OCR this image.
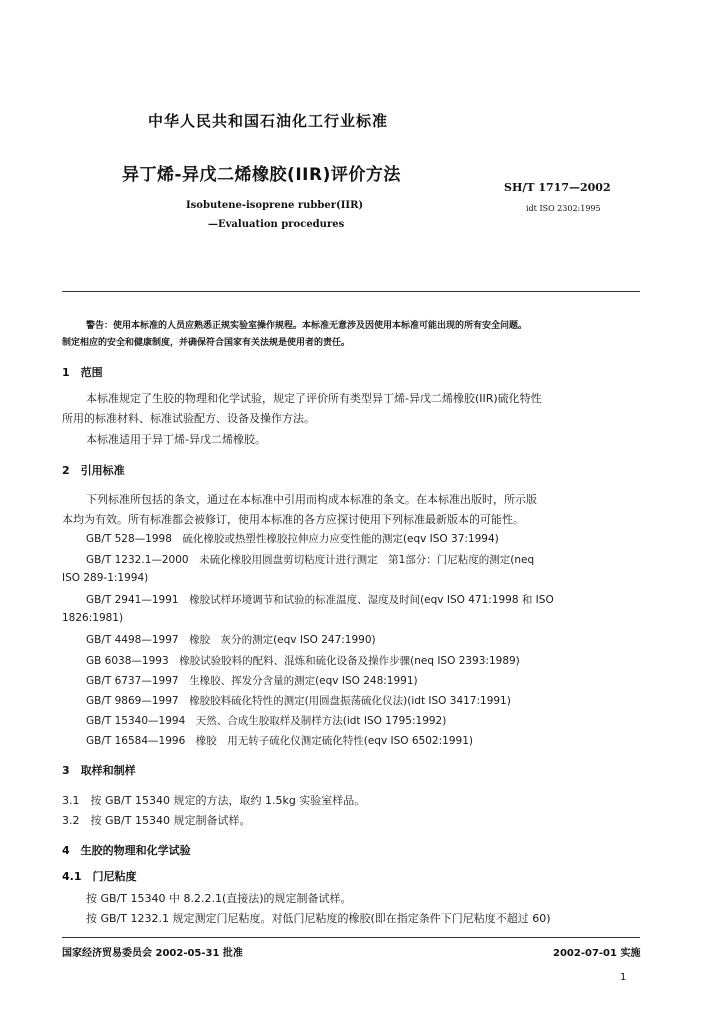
中华人民共和国石油化工行业标准
异丁烯-异戊二烯橡胶(IIR)评价方法
SH/T 1717—2002
idt ISO 2302:1995
Isobutene-isoprene rubber(IIR)
—Evaluation procedures
警告：使用本标准的人员应熟悉正规实验室操作规程。本标准无意涉及因使用本标准可能出现的所有安全问题。
制定相应的安全和健康制度，并确保符合国家有关法规是使用者的责任。
1　范围
本标准规定了生胶的物理和化学试验，规定了评价所有类型异丁烯-异戊二烯橡胶(IIR)硫化特性
所用的标准材料、标准试验配方、设备及操作方法。
本标准适用于异丁烯-异戊二烯橡胶。
2　引用标准
下列标准所包括的条文，通过在本标准中引用而构成本标准的条文。在本标准出版时，所示版
本均为有效。所有标准都会被修订，使用本标准的各方应探讨使用下列标准最新版本的可能性。
GB/T 528—1998　硫化橡胶或热塑性橡胶拉伸应力应变性能的测定(eqv ISO 37:1994)
GB/T 1232.1—2000　未硫化橡胶用圆盘剪切粘度计进行测定　第1部分：门尼粘度的测定(neq
ISO 289-1:1994)
GB/T 2941—1991　橡胶试样环境调节和试验的标准温度、湿度及时间(eqv ISO 471:1998 和 ISO
1826:1981)
GB/T 4498—1997　橡胶　灰分的测定(eqv ISO 247:1990)
GB 6038—1993　橡胶试验胶料的配料、混炼和硫化设备及操作步骤(neq ISO 2393:1989)
GB/T 6737—1997　生橡胶、挥发分含量的测定(eqv ISO 248:1991)
GB/T 9869—1997　橡胶胶料硫化特性的测定(用圆盘振荡硫化仪法)(idt ISO 3417:1991)
GB/T 15340—1994　天然、合成生胶取样及制样方法(idt ISO 1795:1992)
GB/T 16584—1996　橡胶　用无转子硫化仪测定硫化特性(eqv ISO 6502:1991)
3　取样和制样
3.1　按 GB/T 15340 规定的方法，取约 1.5kg 实验室样品。
3.2　按 GB/T 15340 规定制备试样。
4　生胶的物理和化学试验
4.1　门尼粘度
按 GB/T 15340 中 8.2.2.1(直接法)的规定制备试样。
按 GB/T 1232.1 规定测定门尼粘度。对低门尼粘度的橡胶(即在指定条件下门尼粘度不超过 60)
国家经济贸易委员会 2002-05-31 批准	2002-07-01 实施
1
